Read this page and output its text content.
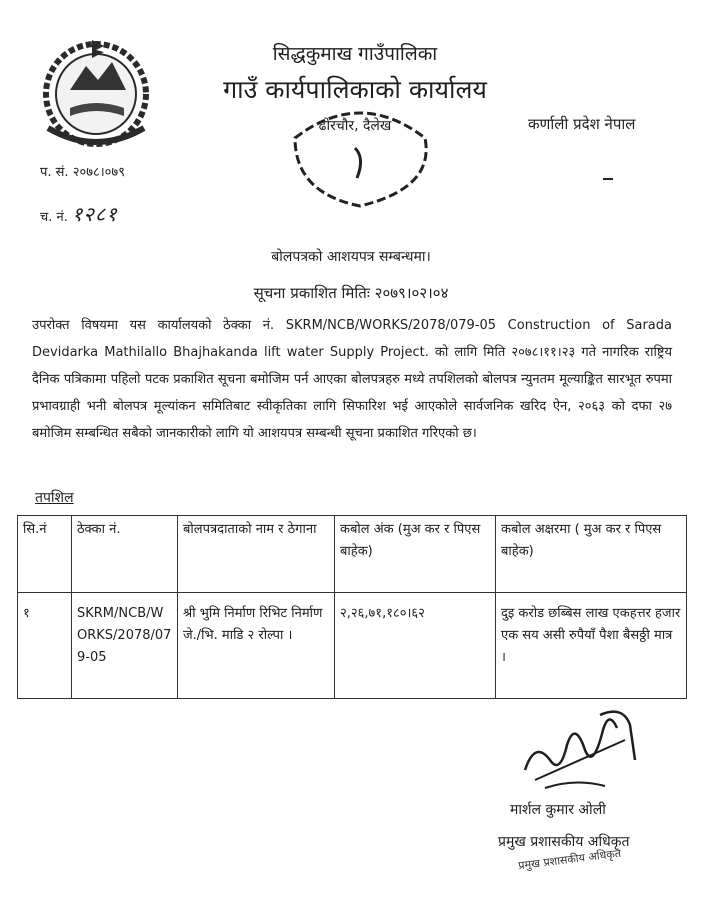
सिद्धकुमाख गाउँपालिका
गाउँ कार्यपालिकाको कार्यालय
ढोरचौर, दैलेख	कर्णाली प्रदेश नेपाल
प. सं. २०७८।०७९
च. नं. १२८१
बोलपत्रको आशयपत्र सम्बन्धमा।
सूचना प्रकाशित मितिः २०७९।०२।०४
उपरोक्त विषयमा यस कार्यालयको ठेक्का नं. SKRM/NCB/WORKS/2078/079-05 Construction of Sarada Devidarka Mathilallo Bhajhakanda lift water Supply Project. को लागि मिति २०७८।११।२३ गते नागरिक राष्ट्रिय दैनिक पत्रिकामा पहिलो पटक प्रकाशित सूचना बमोजिम पर्न आएका बोलपत्रहरु मध्ये तपशिलको बोलपत्र न्युनतम मूल्याङ्कित सारभूत रुपमा प्रभावग्राही भनी बोलपत्र मूल्यांकन समितिबाट स्वीकृतिका लागि सिफारिश भई आएकोले सार्वजनिक खरिद ऐन, २०६३ को दफा २७ बमोजिम सम्बन्धित सबैको जानकारीको लागि यो आशयपत्र सम्बन्धी सूचना प्रकाशित गरिएको छ।
तपशिल
सि.नं	ठेक्का नं.	बोलपत्रदाताको नाम र ठेगाना	कबोल अंक (मुअ कर र पिएस बाहेक)	कबोल अक्षरमा ( मुअ कर र पिएस बाहेक)
१	SKRM/NCB/WORKS/2078/079-05	श्री भुमि निर्माण रिभिट निर्माण जे./भि. माडि २ रोल्पा ।	२,२६,७१,१८०।६२	दुइ करोड छब्बिस लाख एकहत्तर हजार एक सय असी रुपैयाँ पैशा बैसठ्ठी मात्र ।
मार्शल कुमार ओली
प्रमुख प्रशासकीय अधिकृत
प्रमुख प्रशासकीय अधिकृत
